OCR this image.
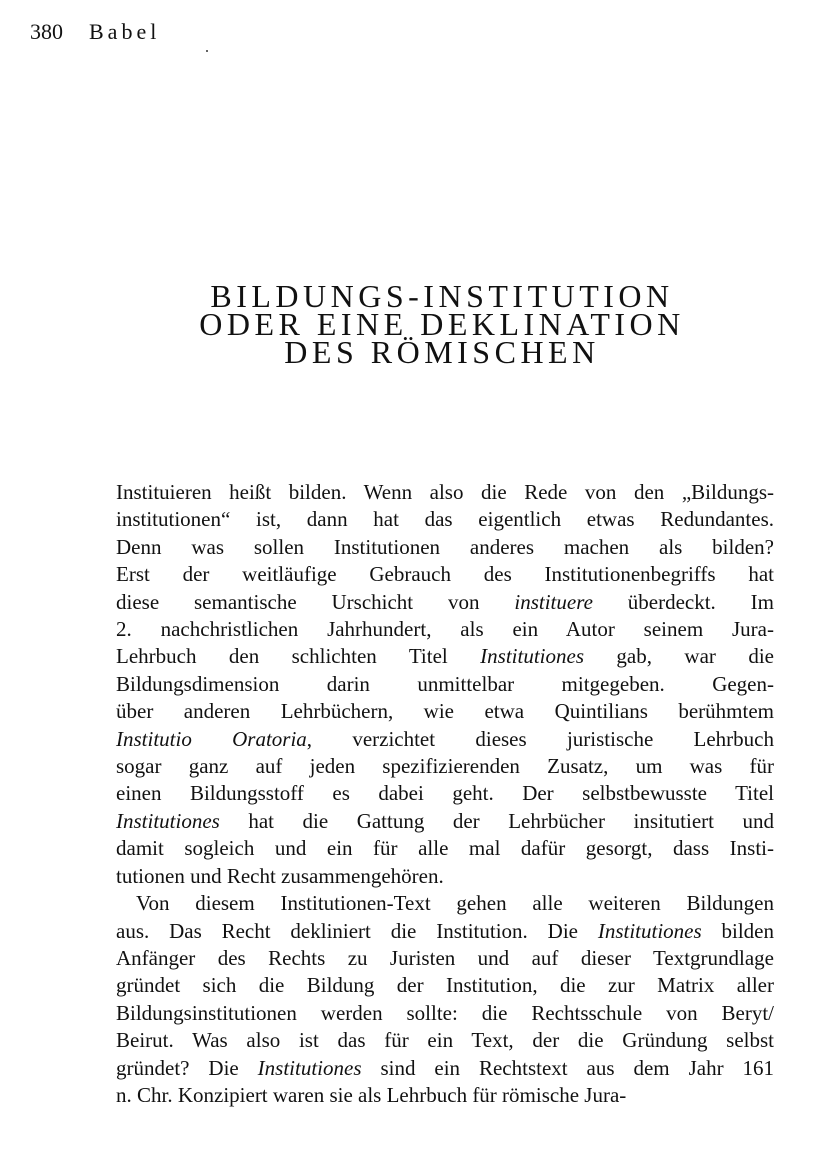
380 Babel
BILDUNGS-INSTITUTION
ODER EINE DEKLINATION
DES RÖMISCHEN

Instituieren heißt bilden. Wenn also die Rede von den „Bildungs-
institutionen“ ist, dann hat das eigentlich etwas Redundantes.
Denn was sollen Institutionen anderes machen als bilden?
Erst der weitläufige Gebrauch des Institutionenbegriffs hat
diese semantische Urschicht von instituere überdeckt. Im
2. nachchristlichen Jahrhundert, als ein Autor seinem Jura-
Lehrbuch den schlichten Titel Institutiones gab, war die
Bildungsdimension darin unmittelbar mitgegeben. Gegen-
über anderen Lehrbüchern, wie etwa Quintilians berühmtem
Institutio Oratoria, verzichtet dieses juristische Lehrbuch
sogar ganz auf jeden spezifizierenden Zusatz, um was für
einen Bildungsstoff es dabei geht. Der selbstbewusste Titel
Institutiones hat die Gattung der Lehrbücher insitutiert und
damit sogleich und ein für alle mal dafür gesorgt, dass Insti-
tutionen und Recht zusammengehören.

Von diesem Institutionen-Text gehen alle weiteren Bildungen
aus. Das Recht dekliniert die Institution. Die Institutiones bilden
Anfänger des Rechts zu Juristen und auf dieser Textgrundlage
gründet sich die Bildung der Institution, die zur Matrix aller
Bildungsinstitutionen werden sollte: die Rechtsschule von Beryt/
Beirut. Was also ist das für ein Text, der die Gründung selbst
gründet? Die Institutiones sind ein Rechtstext aus dem Jahr 161
n. Chr. Konzipiert waren sie als Lehrbuch für römische Jura-
